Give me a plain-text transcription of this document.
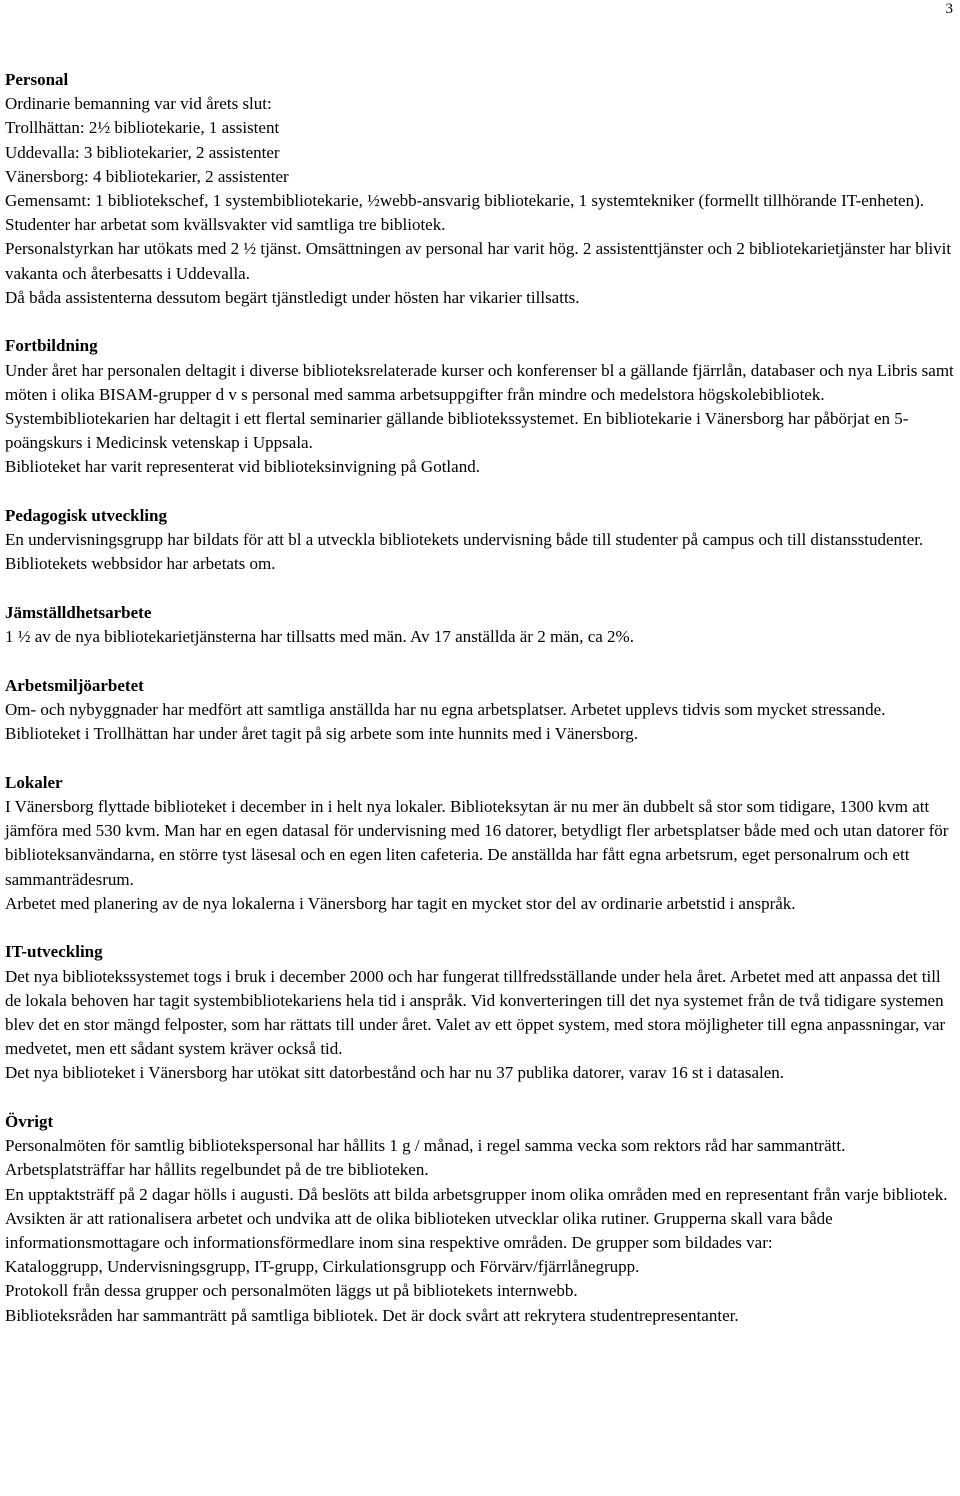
3
Personal
Ordinarie bemanning var vid årets slut:
Trollhättan: 2½ bibliotekarie, 1 assistent
Uddevalla: 3 bibliotekarier, 2 assistenter
Vänersborg: 4 bibliotekarier, 2 assistenter
Gemensamt: 1 bibliotekschef, 1 systembibliotekarie, ½webb-ansvarig bibliotekarie, 1 systemtekniker (formellt tillhörande IT-enheten).
Studenter har arbetat som kvällsvakter vid samtliga tre bibliotek.
Personalstyrkan har utökats med 2 ½ tjänst. Omsättningen av personal har varit hög. 2 assistenttjänster och 2 bibliotekarietjänster har blivit vakanta och återbesatts i Uddevalla.
Då båda assistenterna dessutom begärt tjänstledigt under hösten har vikarier tillsatts.
Fortbildning
Under året har personalen deltagit i diverse biblioteksrelaterade kurser och konferenser bl a gällande fjärrlån, databaser och nya Libris samt möten i olika BISAM-grupper d v s personal med samma arbetsuppgifter från mindre och medelstora högskolebibliotek. Systembibliotekarien har deltagit i ett flertal seminarier gällande bibliotekssystemet. En bibliotekarie i Vänersborg har påbörjat en 5-poängskurs i Medicinsk vetenskap i Uppsala.
Biblioteket har varit representerat vid biblioteksinvigning på Gotland.
Pedagogisk utveckling
En undervisningsgrupp har bildats för att bl a utveckla bibliotekets undervisning både till studenter på campus och till distansstudenter.
Bibliotekets webbsidor har arbetats om.
Jämställdhetsarbete
1 ½ av de nya bibliotekarietjänsterna har tillsatts med män. Av 17 anställda är 2 män, ca 2%.
Arbetsmiljöarbetet
Om- och nybyggnader har medfört att samtliga anställda har nu egna arbetsplatser. Arbetet upplevs tidvis som mycket stressande. Biblioteket i Trollhättan har under året tagit på sig arbete som inte hunnits med i Vänersborg.
Lokaler
I Vänersborg flyttade biblioteket i december in i helt nya lokaler. Biblioteksytan är nu mer än dubbelt så stor som tidigare, 1300 kvm att jämföra med 530 kvm. Man har en egen datasal för undervisning med 16 datorer, betydligt fler arbetsplatser både med och utan datorer för biblioteksanvändarna, en större tyst läsesal och en egen liten cafeteria. De anställda har fått egna arbetsrum, eget personalrum och ett sammanträdesrum.
Arbetet med planering av de nya lokalerna i Vänersborg har tagit en mycket stor del av ordinarie arbetstid i anspråk.
IT-utveckling
Det nya bibliotekssystemet togs i bruk i december 2000 och har fungerat tillfredsställande under hela året. Arbetet med att anpassa det till de lokala behoven har tagit systembibliotekariens hela tid i anspråk. Vid konverteringen till det nya systemet från de två tidigare systemen blev det en stor mängd felposter, som har rättats till under året. Valet av ett öppet system, med stora möjligheter till egna anpassningar, var medvetet, men ett sådant system kräver också tid.
Det nya biblioteket i Vänersborg har utökat sitt datorbestånd och har nu 37 publika datorer, varav 16 st i datasalen.
Övrigt
Personalmöten för samtlig bibliotekspersonal har hållits 1 g / månad, i regel samma vecka som rektors råd har sammanträtt.
Arbetsplatsträffar har hållits regelbundet på de tre biblioteken.
En upptaktsträff på 2 dagar hölls i augusti. Då beslöts att bilda arbetsgrupper inom olika områden med en representant från varje bibliotek. Avsikten är att rationalisera arbetet och undvika att de olika biblioteken utvecklar olika rutiner. Grupperna skall vara både informationsmottagare och informationsförmedlare inom sina respektive områden. De grupper som bildades var:
Kataloggrupp, Undervisningsgrupp, IT-grupp, Cirkulationsgrupp och Förvärv/fjärrlånegrupp.
Protokoll från dessa grupper och personalmöten läggs ut på bibliotekets internwebb.
Biblioteksråden har sammanträtt på samtliga bibliotek. Det är dock svårt att rekrytera studentrepresentanter.
